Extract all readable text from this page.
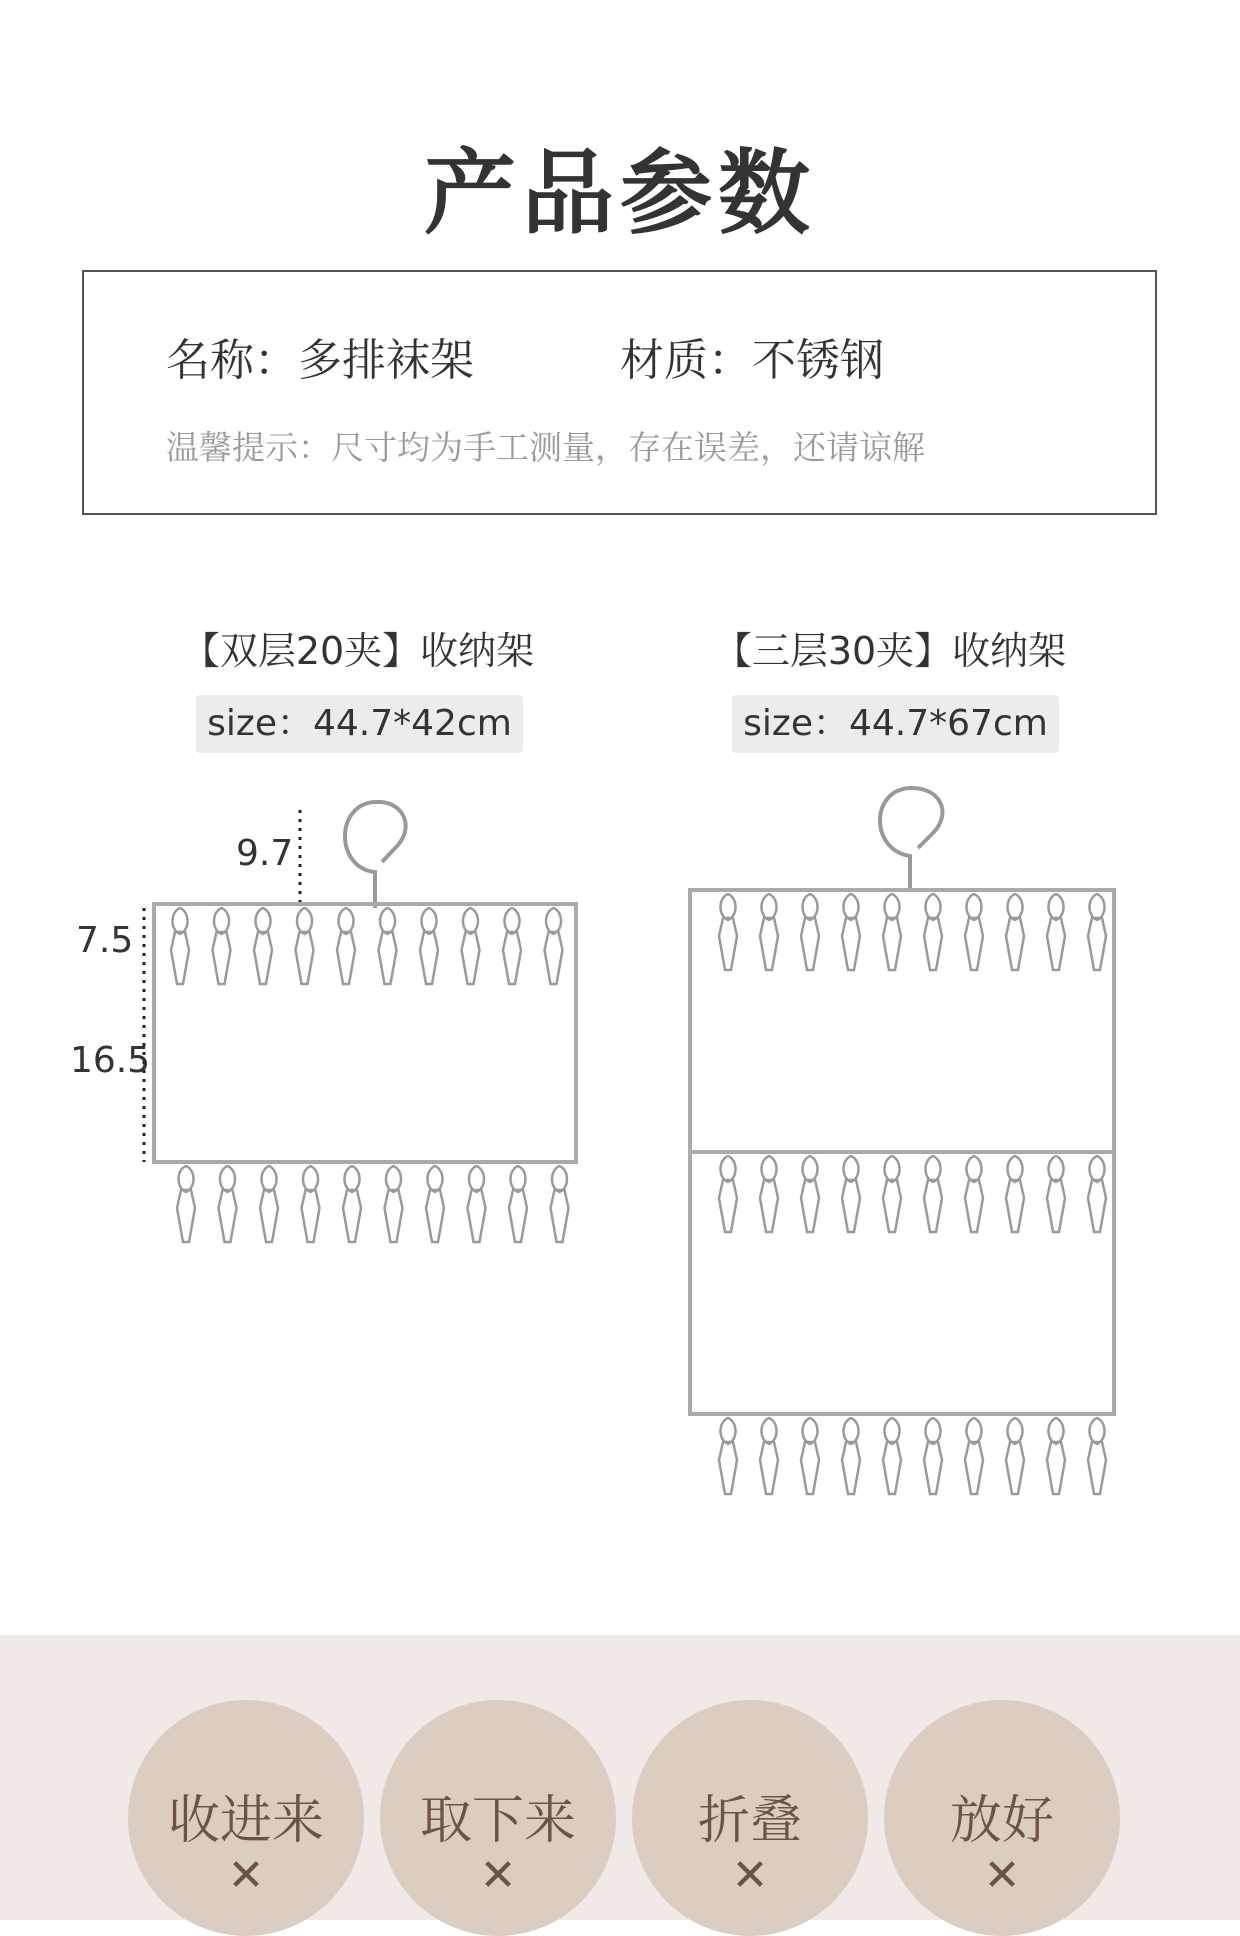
产品参数
名称：多排袜架	材质：不锈钢
温馨提示：尺寸均为手工测量，存在误差，还请谅解
【双层20夹】收纳架
size：44.7*42cm
【三层30夹】收纳架
size：44.7*67cm
9.7
7.5
16.5
收进来
✕
取下来
✕
折叠
✕
放好
✕
